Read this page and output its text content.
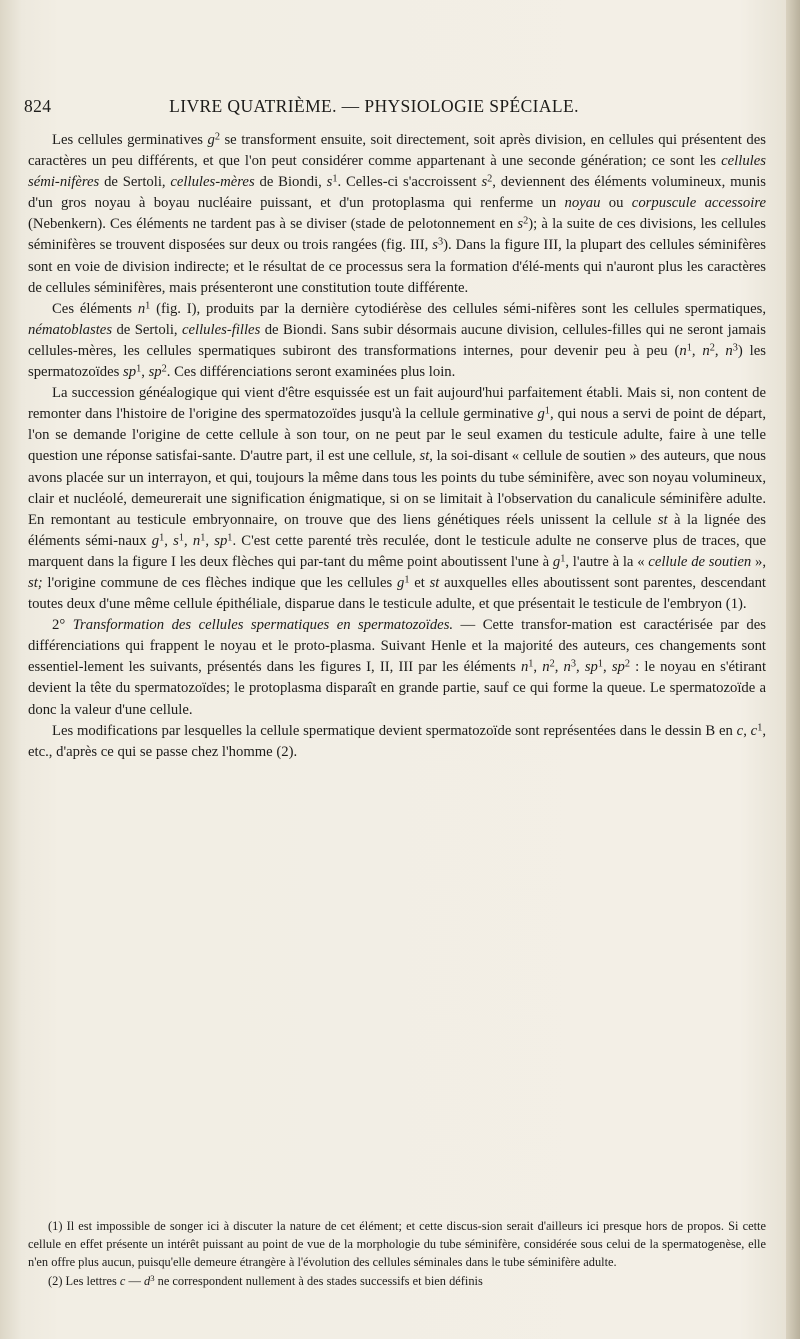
824	LIVRE QUATRIÈME. — PHYSIOLOGIE SPÉCIALE.

Les cellules germinatives $g^2$ se transforment ensuite, soit directement, soit après division, en cellules qui présentent des caractères un peu différents, et que l'on peut considérer comme appartenant à une seconde génération; ce sont les cellules sémi-nifères de Sertoli, cellules-mères de Biondi, $s^1$. Celles-ci s'accroissent $s^2$, deviennent des éléments volumineux, munis d'un gros noyau à boyau nucléaire puissant, et d'un protoplasma qui renferme un noyau ou corpuscule accessoire (Nebenkern). Ces éléments ne tardent pas à se diviser (stade de pelotonnement en $s^2$); à la suite de ces divisions, les cellules séminifères se trouvent disposées sur deux ou trois rangées (fig. III, $s^3$). Dans la figure III, la plupart des cellules séminifères sont en voie de division indirecte; et le résultat de ce processus sera la formation d'élé-ments qui n'auront plus les caractères de cellules séminifères, mais présenteront une constitution toute différente.

Ces éléments $n^1$ (fig. I), produits par la dernière cytodiérèse des cellules sémi-nifères sont les cellules spermatiques, nématoblastes de Sertoli, cellules-filles de Biondi. Sans subir désormais aucune division, cellules-filles qui ne seront jamais cellules-mères, les cellules spermatiques subiront des transformations internes, pour devenir peu à peu ($n^1$, $n^2$, $n^3$) les spermatozoïdes $sp^1$, $sp^2$. Ces différenciations seront examinées plus loin.

La succession généalogique qui vient d'être esquissée est un fait aujourd'hui parfaitement établi. Mais si, non content de remonter dans l'histoire de l'origine des spermatozoïdes jusqu'à la cellule germinative $g^1$, qui nous a servi de point de départ, l'on se demande l'origine de cette cellule à son tour, on ne peut par le seul examen du testicule adulte, faire à une telle question une réponse satisfai-sante. D'autre part, il est une cellule, st, la soi-disant « cellule de soutien » des auteurs, que nous avons placée sur un interrayon, et qui, toujours la même dans tous les points du tube séminifère, avec son noyau volumineux, clair et nucléolé, demeurerait une signification énigmatique, si on se limitait à l'observation du canalicule séminifère adulte. En remontant au testicule embryonnaire, on trouve que des liens génétiques réels unissent la cellule st à la lignée des éléments sémi-naux $g^1$, $s^1$, $n^1$, $sp^1$. C'est cette parenté très reculée, dont le testicule adulte ne conserve plus de traces, que marquent dans la figure I les deux flèches qui par-tant du même point aboutissent l'une à $g^1$, l'autre à la « cellule de soutien », st; l'origine commune de ces flèches indique que les cellules $g^1$ et st auxquelles elles aboutissent sont parentes, descendant toutes deux d'une même cellule épithéliale, disparue dans le testicule adulte, et que présentait le testicule de l'embryon (1).

2° Transformation des cellules spermatiques en spermatozoïdes. — Cette transfor-mation est caractérisée par des différenciations qui frappent le noyau et le proto-plasma. Suivant Henle et la majorité des auteurs, ces changements sont essentiel-lement les suivants, présentés dans les figures I, II, III par les éléments $n^1$, $n^2$, $n^3$, $sp^1$, $sp^2$ : le noyau en s'étirant devient la tête du spermatozoïdes; le protoplasma disparaît en grande partie, sauf ce qui forme la queue. Le spermatozoïde a donc la valeur d'une cellule.

Les modifications par lesquelles la cellule spermatique devient spermatozoïde sont représentées dans le dessin B en c, $c^1$, etc., d'après ce qui se passe chez l'homme (2).

(1) Il est impossible de songer ici à discuter la nature de cet élément; et cette discus-sion serait d'ailleurs ici presque hors de propos. Si cette cellule en effet présente un intérêt puissant au point de vue de la morphologie du tube séminifère, considérée sous celui de la spermatogenèse, elle n'en offre plus aucun, puisqu'elle demeure étrangère à l'évolution des cellules séminales dans le tube séminifère adulte.

(2) Les lettres c — $d^3$ ne correspondent nullement à des stades successifs et bien définis
